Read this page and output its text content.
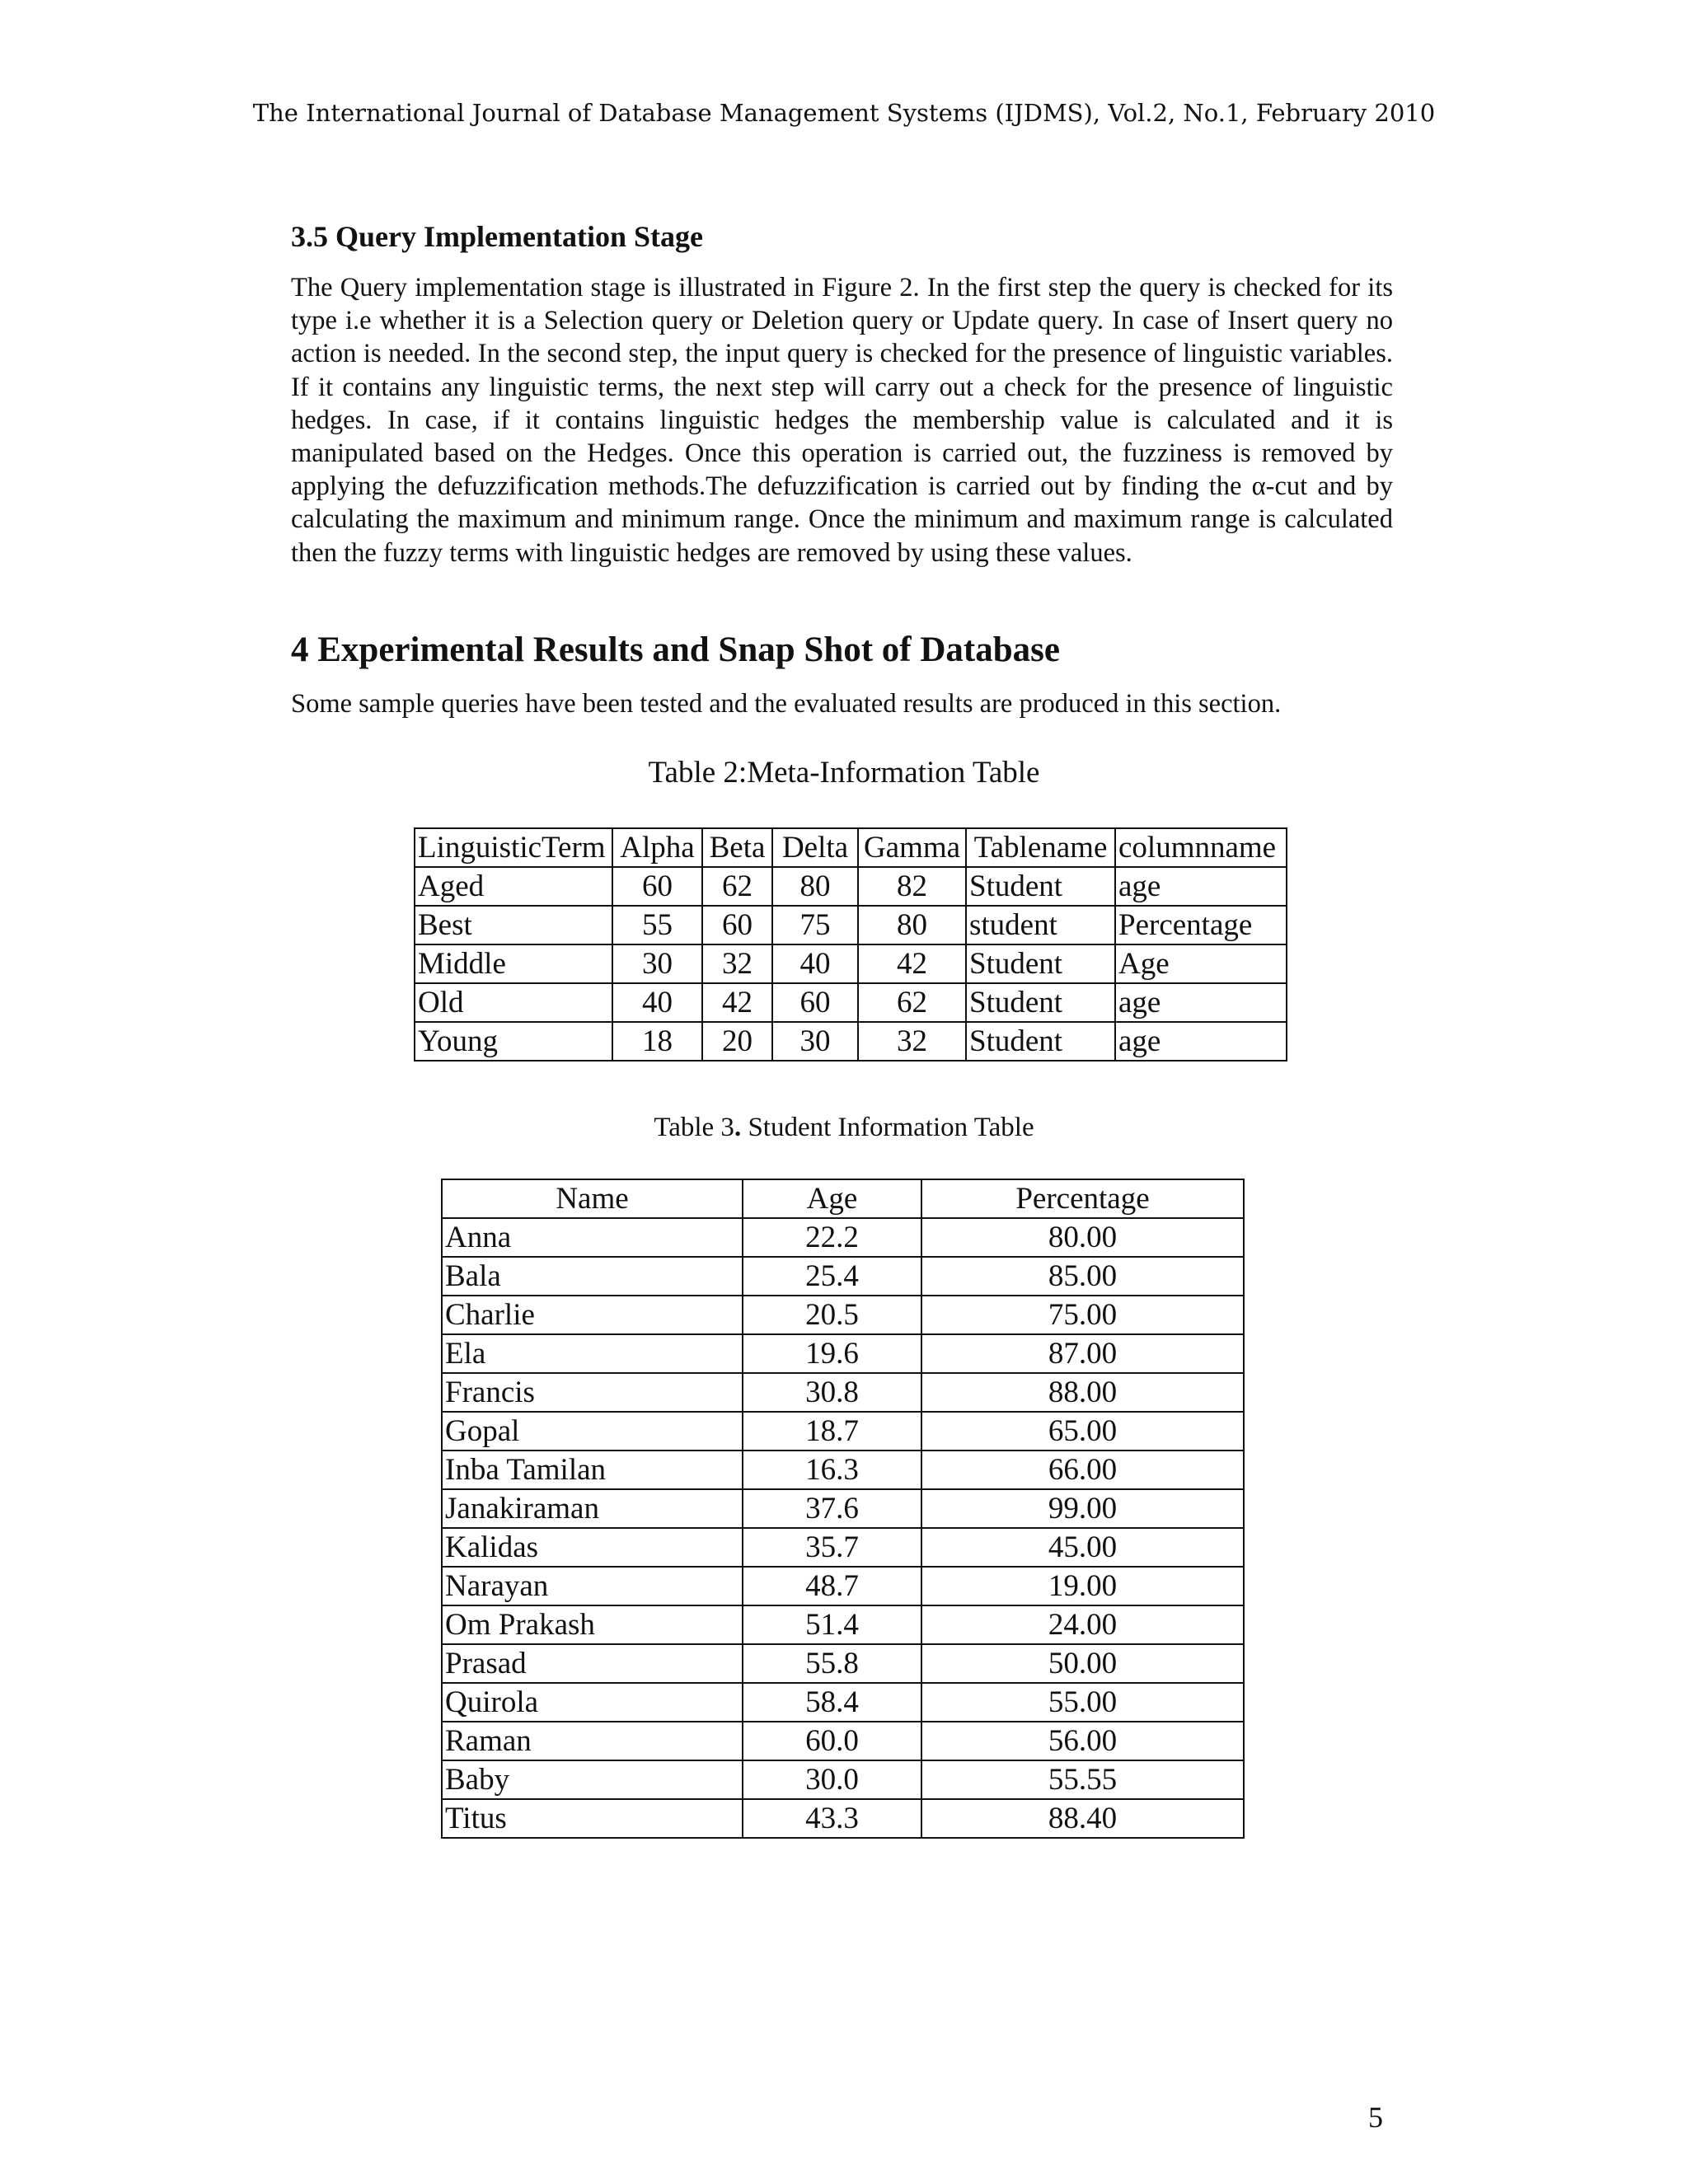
The International Journal of Database Management Systems (IJDMS), Vol.2, No.1, February 2010
3.5 Query Implementation Stage

The Query implementation stage is illustrated in Figure 2. In the first step the query is checked for its type i.e whether it is a Selection query or Deletion query or Update query. In case of Insert query no action is needed. In the second step, the input query is checked for the presence of linguistic variables. If it contains any linguistic terms, the next step will carry out a check for the presence of linguistic hedges. In case, if it contains linguistic hedges the membership value is calculated and it is manipulated based on the Hedges. Once this operation is carried out, the fuzziness is removed by applying the defuzzification methods.The defuzzification is carried out by finding the α-cut and by calculating the maximum and minimum range. Once the minimum and maximum range is calculated then the fuzzy terms with linguistic hedges are removed by using these values.

4 Experimental Results and Snap Shot of Database
Some sample queries have been tested and the evaluated results are produced in this section.
Table 2:Meta-Information Table
LinguisticTerm	Alpha	Beta	Delta	Gamma	Tablename	columnname
Aged	60	62	80	82	Student	age
Best	55	60	75	80	student	Percentage
Middle	30	32	40	42	Student	Age
Old	40	42	60	62	Student	age
Young	18	20	30	32	Student	age
Table 3. Student Information Table
Name	Age	Percentage
Anna	22.2	80.00
Bala	25.4	85.00
Charlie	20.5	75.00
Ela	19.6	87.00
Francis	30.8	88.00
Gopal	18.7	65.00
Inba Tamilan	16.3	66.00
Janakiraman	37.6	99.00
Kalidas	35.7	45.00
Narayan	48.7	19.00
Om Prakash	51.4	24.00
Prasad	55.8	50.00
Quirola	58.4	55.00
Raman	60.0	56.00
Baby	30.0	55.55
Titus	43.3	88.40
5
